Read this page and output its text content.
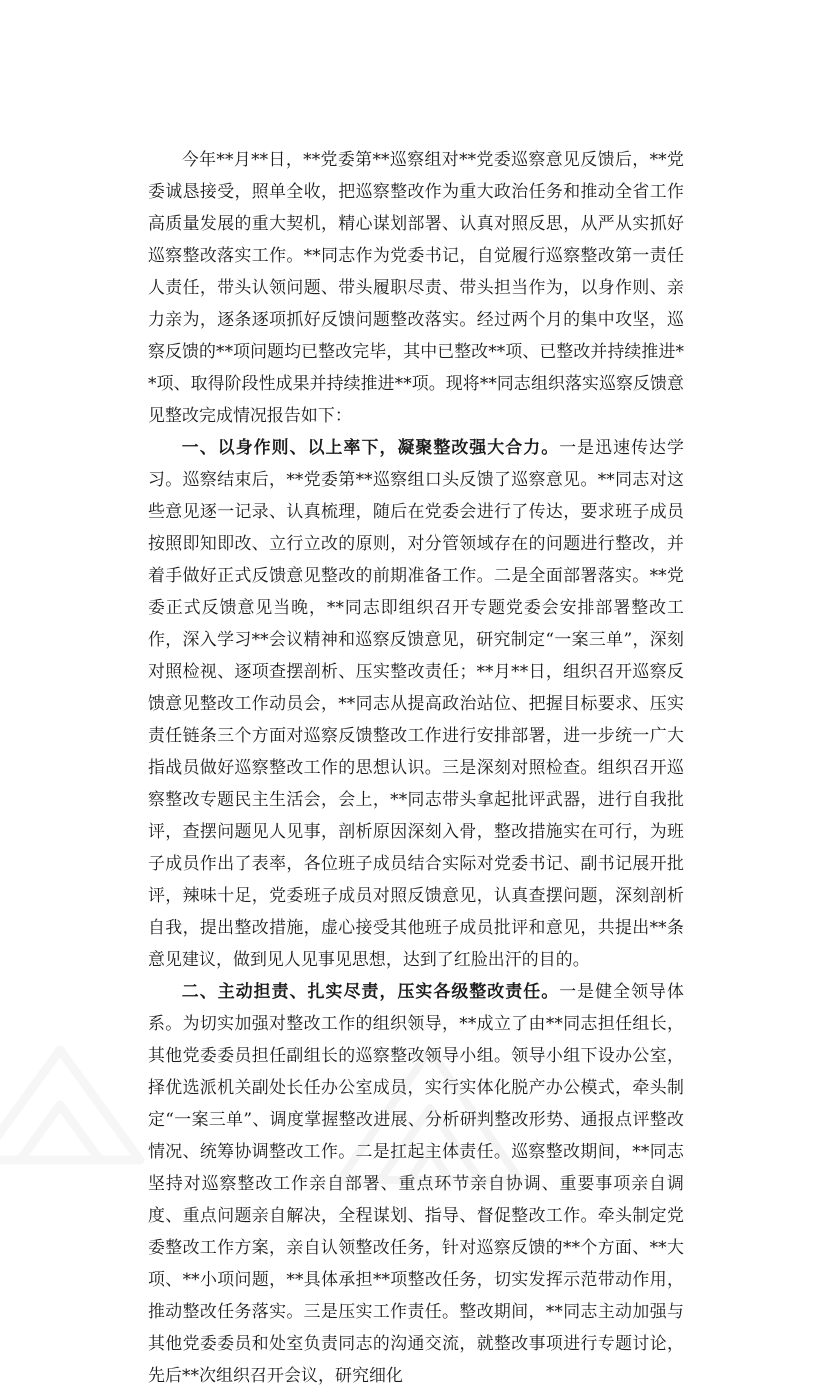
今年**月**日，**党委第**巡察组对**党委巡察意见反馈后，**党委诚恳接受，照单全收，把巡察整改作为重大政治任务和推动全省工作高质量发展的重大契机，精心谋划部署、认真对照反思，从严从实抓好巡察整改落实工作。**同志作为党委书记，自觉履行巡察整改第一责任人责任，带头认领问题、带头履职尽责、带头担当作为，以身作则、亲力亲为，逐条逐项抓好反馈问题整改落实。经过两个月的集中攻坚，巡察反馈的**项问题均已整改完毕，其中已整改**项、已整改并持续推进**项、取得阶段性成果并持续推进**项。现将**同志组织落实巡察反馈意见整改完成情况报告如下：

一、以身作则、以上率下，凝聚整改强大合力。一是迅速传达学习。巡察结束后，**党委第**巡察组口头反馈了巡察意见。**同志对这些意见逐一记录、认真梳理，随后在党委会进行了传达，要求班子成员按照即知即改、立行立改的原则，对分管领域存在的问题进行整改，并着手做好正式反馈意见整改的前期准备工作。二是全面部署落实。**党委正式反馈意见当晚，**同志即组织召开专题党委会安排部署整改工作，深入学习**会议精神和巡察反馈意见，研究制定“一案三单”，深刻对照检视、逐项查摆剖析、压实整改责任；**月**日，组织召开巡察反馈意见整改工作动员会，**同志从提高政治站位、把握目标要求、压实责任链条三个方面对巡察反馈整改工作进行安排部署，进一步统一广大指战员做好巡察整改工作的思想认识。三是深刻对照检查。组织召开巡察整改专题民主生活会，会上，**同志带头拿起批评武器，进行自我批评，查摆问题见人见事，剖析原因深刻入骨，整改措施实在可行，为班子成员作出了表率，各位班子成员结合实际对党委书记、副书记展开批评，辣味十足，党委班子成员对照反馈意见，认真查摆问题，深刻剖析自我，提出整改措施，虚心接受其他班子成员批评和意见，共提出**条意见建议，做到见人见事见思想，达到了红脸出汗的目的。

二、主动担责、扎实尽责，压实各级整改责任。一是健全领导体系。为切实加强对整改工作的组织领导，**成立了由**同志担任组长，其他党委委员担任副组长的巡察整改领导小组。领导小组下设办公室，择优选派机关副处长任办公室成员，实行实体化脱产办公模式，牵头制定“一案三单”、调度掌握整改进展、分析研判整改形势、通报点评整改情况、统筹协调整改工作。二是扛起主体责任。巡察整改期间，**同志坚持对巡察整改工作亲自部署、重点环节亲自协调、重要事项亲自调度、重点问题亲自解决，全程谋划、指导、督促整改工作。牵头制定党委整改工作方案，亲自认领整改任务，针对巡察反馈的**个方面、**大项、**小项问题，**具体承担**项整改任务，切实发挥示范带动作用，推动整改任务落实。三是压实工作责任。整改期间，**同志主动加强与其他党委委员和处室负责同志的沟通交流，就整改事项进行专题讨论，先后**次组织召开会议，研究细化
